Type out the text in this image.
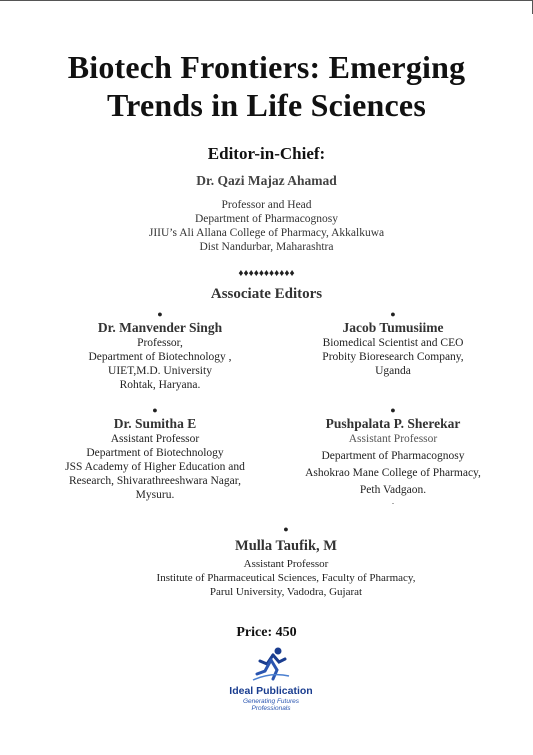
Biotech Frontiers: Emerging
Trends in Life Sciences
Editor-in-Chief:
Dr. Qazi Majaz Ahamad
Professor and Head
Department of Pharmacognosy
JIIU’s Ali Allana College of Pharmacy, Akkalkuwa
Dist Nandurbar, Maharashtra
♦♦♦♦♦♦♦♦♦♦♦
Associate Editors
●
Dr. Manvender Singh
Professor,
Department of Biotechnology ,
UIET,M.D. University
Rohtak, Haryana.
●
Jacob Tumusiime
Biomedical Scientist and CEO
Probity Bioresearch Company,
Uganda
●
Dr. Sumitha E
Assistant Professor
Department of Biotechnology
JSS Academy of Higher Education and
Research, Shivarathreeshwara Nagar,
Mysuru.
●
Pushpalata P. Sherekar
Assistant Professor
Department of Pharmacognosy
Ashokrao Mane College of Pharmacy,
Peth Vadgaon.
.
●
Mulla Taufik, M
Assistant Professor
Institute of Pharmaceutical Sciences, Faculty of Pharmacy,
Parul University, Vadodra, Gujarat
Price: 450
Ideal Publication
Generating Futures Professionals
